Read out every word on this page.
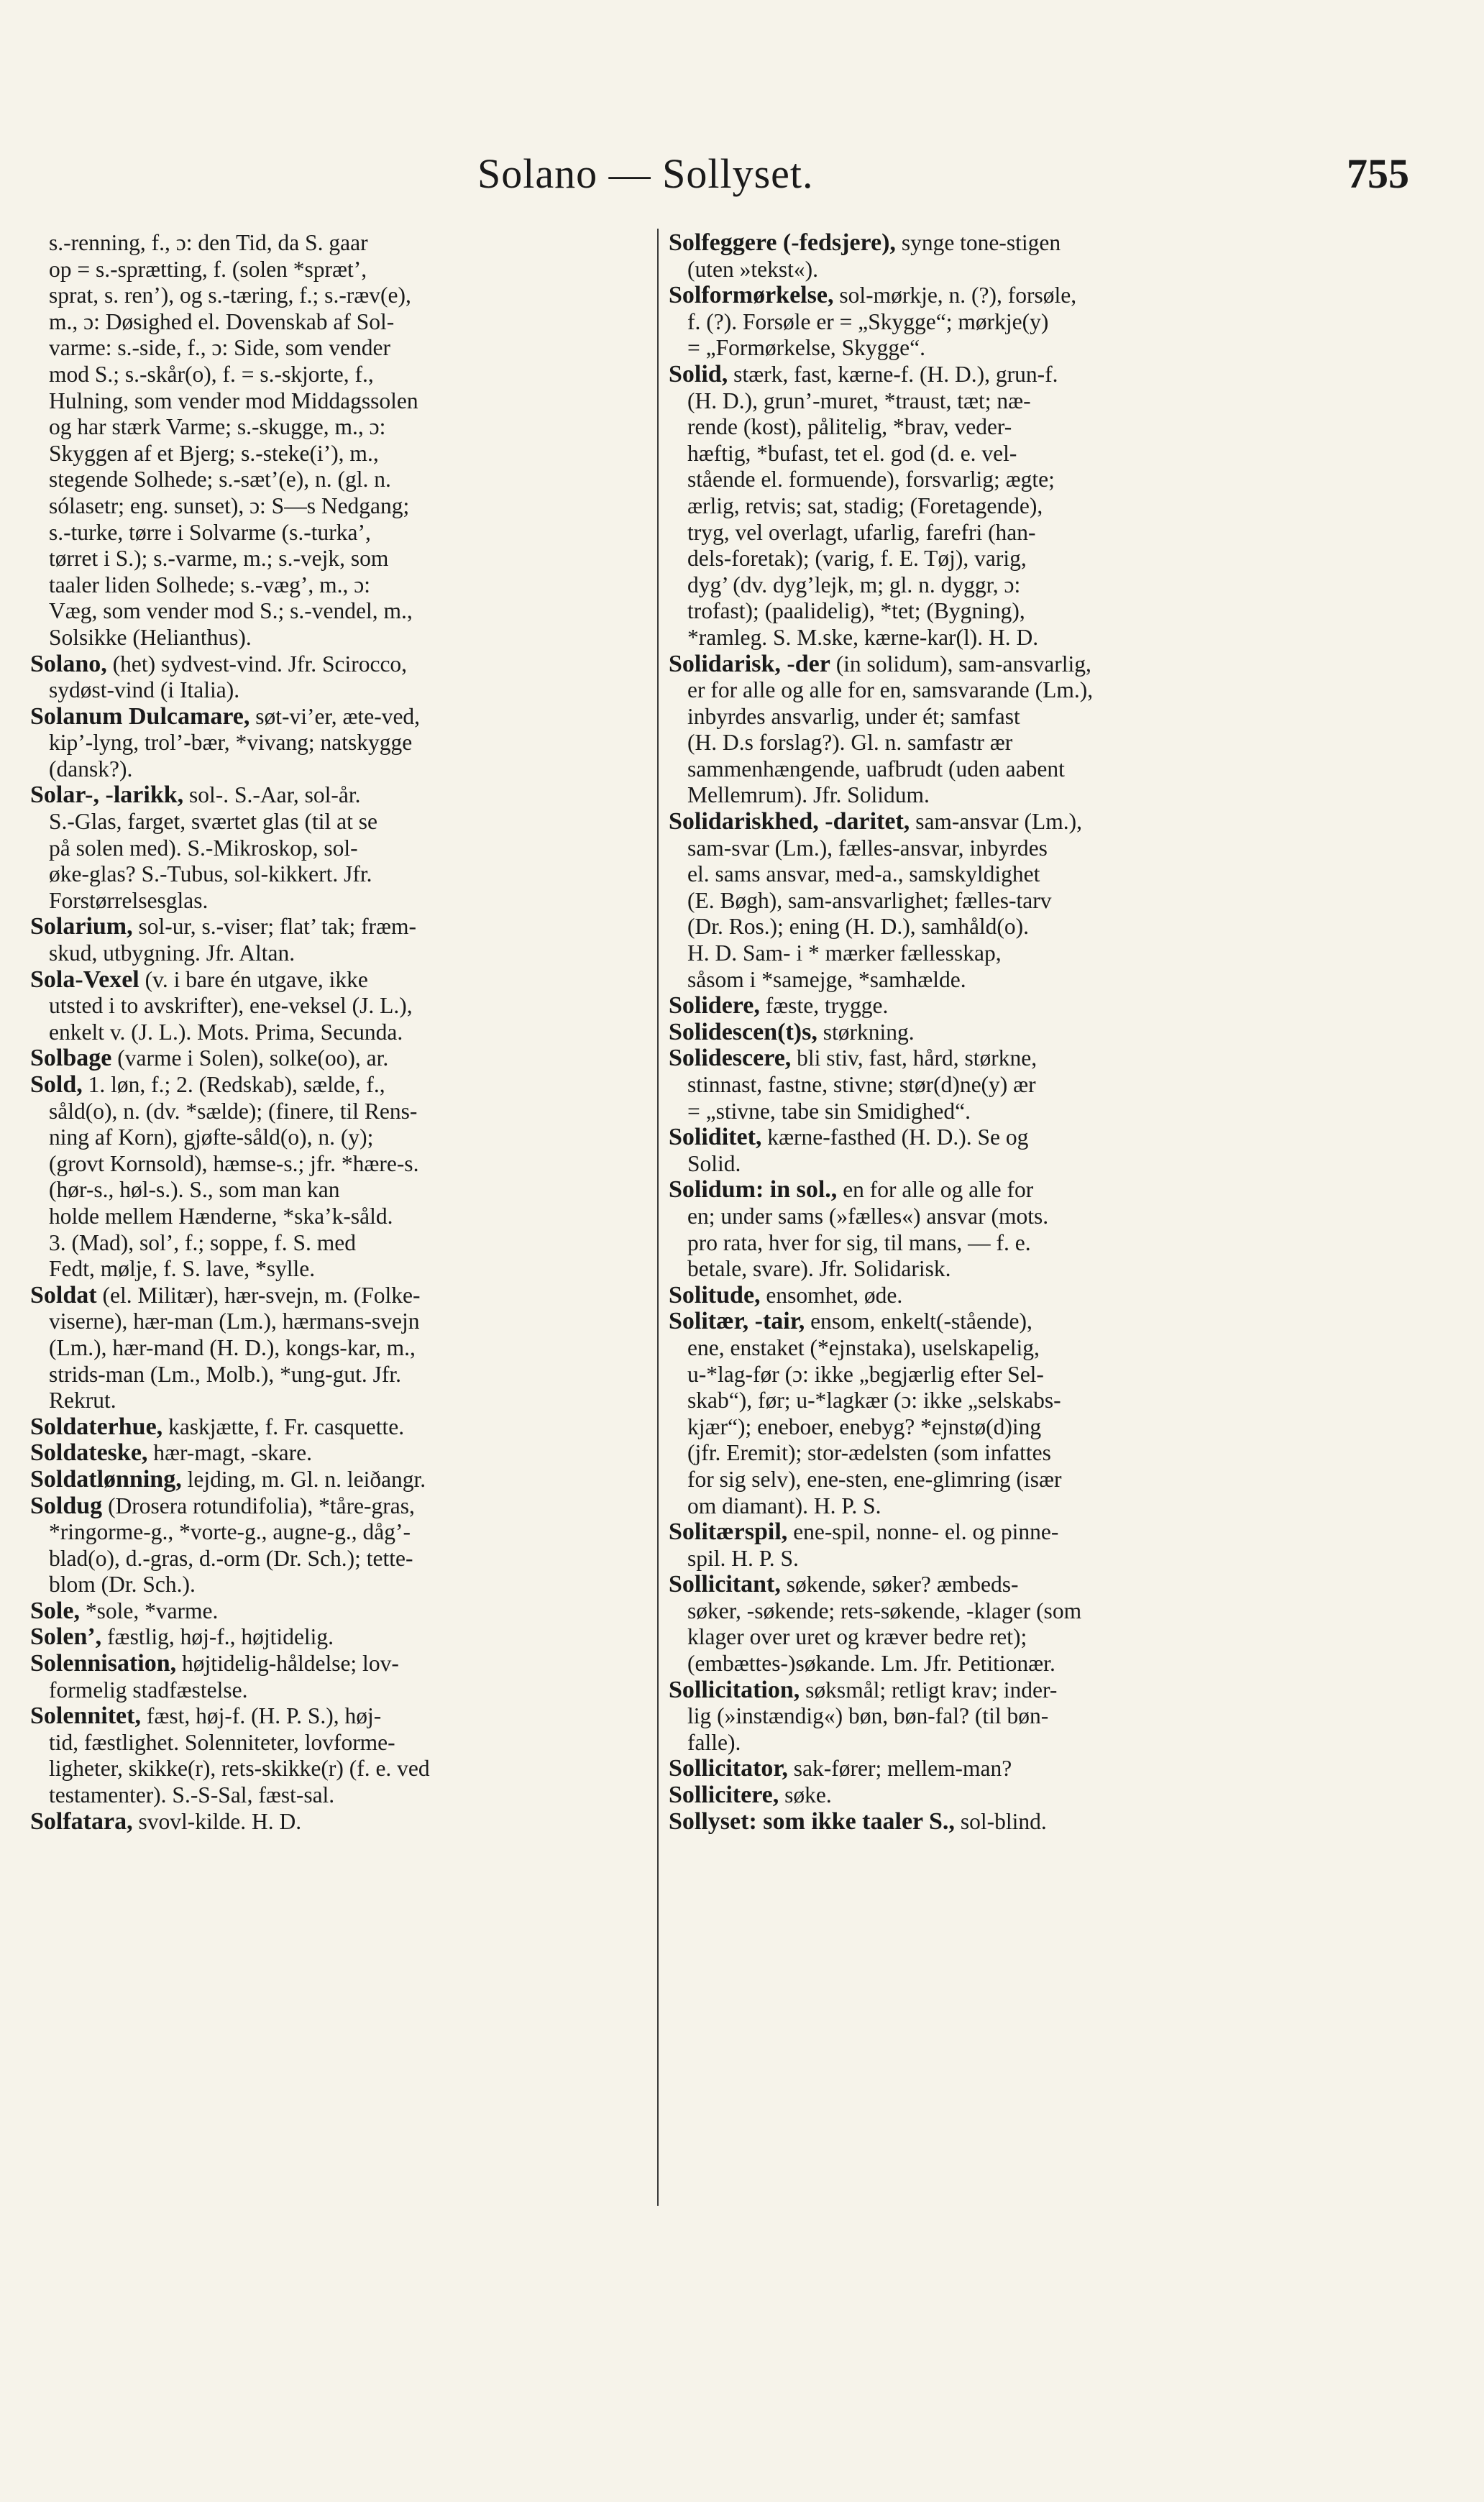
Solano — Sollyset.	755
s.-renning, f., ɔ: den Tid, da S. gaar
op = s.-sprætting, f. (solen *spræt’,
sprat, s. ren’), og s.-tæring, f.; s.-ræv(e),
m., ɔ: Døsighed el. Dovenskab af Sol-
varme: s.-side, f., ɔ: Side, som vender
mod S.; s.-skår(o), f. = s.-skjorte, f.,
Hulning, som vender mod Middagssolen
og har stærk Varme; s.-skugge, m., ɔ:
Skyggen af et Bjerg; s.-steke(i’), m.,
stegende Solhede; s.-sæt’(e), n. (gl. n.
sólasetr; eng. sunset), ɔ: S—s Nedgang;
s.-turke, tørre i Solvarme (s.-turka’,
tørret i S.); s.-varme, m.; s.-vejk, som
taaler liden Solhede; s.-væg’, m., ɔ:
Væg, som vender mod S.; s.-vendel, m.,
Solsikke (Helianthus).
Solano, (het) sydvest-vind. Jfr. Scirocco,
sydøst-vind (i Italia).
Solanum Dulcamare, søt-vi’er, æte-ved,
kip’-lyng, trol’-bær, *vivang; natskygge
(dansk?).
Solar-, -larikk, sol-. S.-Aar, sol-år.
S.-Glas, farget, sværtet glas (til at se
på solen med). S.-Mikroskop, sol-
øke-glas? S.-Tubus, sol-kikkert. Jfr.
Forstørrelsesglas.
Solarium, sol-ur, s.-viser; flat’ tak; fræm-
skud, utbygning. Jfr. Altan.
Sola-Vexel (v. i bare én utgave, ikke
utsted i to avskrifter), ene-veksel (J. L.),
enkelt v. (J. L.). Mots. Prima, Secunda.
Solbage (varme i Solen), solke(oo), ar.
Sold, 1. løn, f.; 2. (Redskab), sælde, f.,
såld(o), n. (dv. *sælde); (finere, til Rens-
ning af Korn), gjøfte-såld(o), n. (y);
(grovt Kornsold), hæmse-s.; jfr. *hære-s.
(hør-s., høl-s.). S., som man kan
holde mellem Hænderne, *ska’k-såld.
3. (Mad), sol’, f.; soppe, f. S. med
Fedt, mølje, f. S. lave, *sylle.
Soldat (el. Militær), hær-svejn, m. (Folke-
viserne), hær-man (Lm.), hærmans-svejn
(Lm.), hær-mand (H. D.), kongs-kar, m.,
strids-man (Lm., Molb.), *ung-gut. Jfr.
Rekrut.
Soldaterhue, kaskjætte, f. Fr. casquette.
Soldateske, hær-magt, -skare.
Soldatlønning, lejding, m. Gl. n. leiðangr.
Soldug (Drosera rotundifolia), *tåre-gras,
*ringorme-g., *vorte-g., augne-g., dåg’-
blad(o), d.-gras, d.-orm (Dr. Sch.); tette-
blom (Dr. Sch.).
Sole, *sole, *varme.
Solen’, fæstlig, høj-f., højtidelig.
Solennisation, højtidelig-håldelse; lov-
formelig stadfæstelse.
Solennitet, fæst, høj-f. (H. P. S.), høj-
tid, fæstlighet. Solenniteter, lovforme-
ligheter, skikke(r), rets-skikke(r) (f. e. ved
testamenter). S.-S-Sal, fæst-sal.
Solfatara, svovl-kilde. H. D.
Solfeggere (-fedsjere), synge tone-stigen
(uten »tekst«).
Solformørkelse, sol-mørkje, n. (?), forsøle,
f. (?). Forsøle er = „Skygge“; mørkje(y)
= „Formørkelse, Skygge“.
Solid, stærk, fast, kærne-f. (H. D.), grun-f.
(H. D.), grun’-muret, *traust, tæt; næ-
rende (kost), pålitelig, *brav, veder-
hæftig, *bufast, tet el. god (d. e. vel-
stående el. formuende), forsvarlig; ægte;
ærlig, retvis; sat, stadig; (Foretagende),
tryg, vel overlagt, ufarlig, farefri (han-
dels-foretak); (varig, f. E. Tøj), varig,
dyg’ (dv. dyg’lejk, m; gl. n. dyggr, ɔ:
trofast); (paalidelig), *tet; (Bygning),
*ramleg. S. M.ske, kærne-kar(l). H. D.
Solidarisk, -der (in solidum), sam-ansvarlig,
er for alle og alle for en, samsvarande (Lm.),
inbyrdes ansvarlig, under ét; samfast
(H. D.s forslag?). Gl. n. samfastr ær
sammenhængende, uafbrudt (uden aabent
Mellemrum). Jfr. Solidum.
Solidariskhed, -daritet, sam-ansvar (Lm.),
sam-svar (Lm.), fælles-ansvar, inbyrdes
el. sams ansvar, med-a., samskyldighet
(E. Bøgh), sam-ansvarlighet; fælles-tarv
(Dr. Ros.); ening (H. D.), samhåld(o).
H. D. Sam- i * mærker fællesskap,
såsom i *samejge, *samhælde.
Solidere, fæste, trygge.
Solidescen(t)s, størkning.
Solidescere, bli stiv, fast, hård, størkne,
stinnast, fastne, stivne; stør(d)ne(y) ær
= „stivne, tabe sin Smidighed“.
Soliditet, kærne-fasthed (H. D.). Se og
Solid.
Solidum: in sol., en for alle og alle for
en; under sams (»fælles«) ansvar (mots.
pro rata, hver for sig, til mans, — f. e.
betale, svare). Jfr. Solidarisk.
Solitude, ensomhet, øde.
Solitær, -tair, ensom, enkelt(-stående),
ene, enstaket (*ejnstaka), uselskapelig,
u-*lag-før (ɔ: ikke „begjærlig efter Sel-
skab“), før; u-*lagkær (ɔ: ikke „selskabs-
kjær“); eneboer, enebyg? *ejnstø(d)ing
(jfr. Eremit); stor-ædelsten (som infattes
for sig selv), ene-sten, ene-glimring (især
om diamant). H. P. S.
Solitærspil, ene-spil, nonne- el. og pinne-
spil. H. P. S.
Sollicitant, søkende, søker? æmbeds-
søker, -søkende; rets-søkende, -klager (som
klager over uret og kræver bedre ret);
(embættes-)søkande. Lm. Jfr. Petitionær.
Sollicitation, søksmål; retligt krav; inder-
lig (»instændig«) bøn, bøn-fal? (til bøn-
falle).
Sollicitator, sak-fører; mellem-man?
Sollicitere, søke.
Sollyset: som ikke taaler S., sol-blind.
